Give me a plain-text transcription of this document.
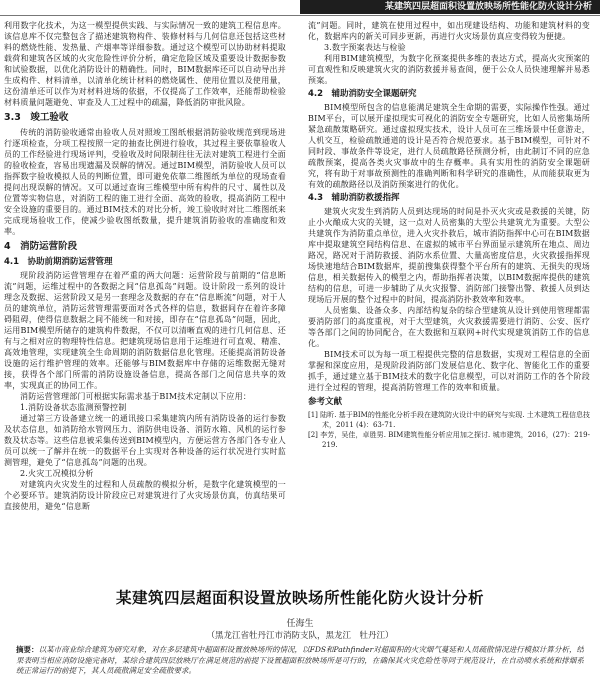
某建筑四层超面积设置放映场所性能化防火设计分析

利用数字化技术，为这一模型提供实践、与实际情况一致的建筑工程信息库。该信息库不仅完整包含了描述建筑物构件、装修材料与几何信息还包括这些材料的燃烧性能、发热量、产烟率等详细参数。通过这个模型可以协助材料提取载荷和建筑各区域的火灾危险性评价分析，确定危险区域及重要设计数据参数和试验数据，以优化消防设计的精确性。同时，BIM数据库还可以自动导出并生成构件、材料清单，以清单化统计材料的燃烧属性、使用位置以及使用量，这份清单还可以作为对材料进场的依据，不仅提高了工作效率，还能帮助检验材料质量问题避免、审查及人工过程中的疏漏，降低消防审批风险。

3.3　竣工验收

传统的消防验收通常由验收人员对照竣工图纸根据消防验收规范到现场进行逐项检查，分项工程按照一定的抽查比例进行验收，其过程主要依靠验收人员的工作经验进行现场评判，受验收及时间限制往往无法对建筑工程进行全面的验收检查，容易出现遗漏及误解的情况。通过BIM模型，消防验收人员可以指挥数字验收模拟人员的判断位置，即可避免依靠二维图纸为单位的现场查看提问出现误解的情况。又可以通过查询三维模型中所有构件的尺寸、属性以及位置等实物信息，对消防工程的施工进行全面、高效的验收，提高消防工程中安全设施的重要目的。通过BIM技术的对比分析，竣工验收时对比二维图纸来完成现场验收工作，使减少验收图纸数量，提升建筑消防验收的准确度和效率。

4　消防运营阶段
4.1　协助前期消防运营管理

现阶段消防运营管理存在着严重的两大问题：运营阶段与前期的“信息断流”问题，运维过程中的各数据之间“信息孤岛”问题。设计阶段一系列的设计理念及数据、运营阶段又是另一套理念及数据的存在“信息断流”问题，对于人员的建筑单位，消防运营管理需要面对各式各样的信息，数据间存在着许多障碍阻碍，使得信息数据之间不能统一和对接，即存在“信息孤岛”问题，因此，运用BIM模型所储存的建筑构件数据，不仅可以清晰直观的进行几何信息、还有与之相对应的物理特性信息。把建筑现场信息用于运维进行可直观、精准、高效地管理，实现建筑全生命周期的消防数据信息化管理。还能提高消防设备设施的运行维护管理的效率。还能够与BIM数据库中存储的运维数据无缝对接，获得各个部门所需的消防设施设备信息，提高各部门之间信息共享的效率，实现真正的协同工作。

消防运营管理部门可根据实际需求基于BIM技术定制以下应用：

1.消防设备状态监测预警控制

通过第三方设备建立统一的通讯接口采集建筑内所有消防设备的运行参数及状态信息，如消防给水管网压力、消防供电设备、消防水箱、风机的运行参数及状态等。这些信息被采集传送到BIM模型内，方便运营方各部门各专业人员可以统一了解并在统一的数据平台上实现对各种设备的运行状况进行实时监测管理，避免了“信息孤岛”问题的出现。

2.火灾工况模拟分析

对建筑内火灾发生的过程和人员疏散的模拟分析，是数字化建筑模型的一个必要环节。建筑消防设计阶段应已对建筑进行了火灾场景仿真，仿真结果可直接使用，避免“信息断

流”问题。同时，建筑在使用过程中，如出现建设结构、功能和建筑材料的变化，数据库内的新关可同步更新，再进行火灾场景仿真应变得较为便捷。

3.数字预案表达与检验

利用BIM建筑模型，为数字化预案提供多维的表达方式，提高火灾预案的可直观性和反映建筑火灾的消防救援并易查阅，便于公众人员快速理解并易悉预案。

4.2　辅助消防安全课题研究

BIM模型所包含的信息能满足建筑全生命期的需要，实际操作性强。通过BIM平台，可以展开虚拟现实可视化的消防安全专题研究，比如人员密集场所紧急疏散策略研究。通过虚拟现实技术，设计人员可在三维场景中任意游走，人机交互，检验疏散通道的设计是否符合规范要求。基于BIM模型，可针对不同时段、事故条件等设定，进行人员疏散路径预测分析，由此制订不同的应急疏散预案，提高各类火灾事故中的生存概率。具有实用性的消防安全课题研究，将有助于对事故预测性的准确判断和科学研究的准确性，从而能获取更为有效的疏散路径以及消防预案进行的优化。

4.3　辅助消防救援指挥

建筑火灾发生到消防人员到达现场的时间是扑灭火灾或是救援的关键，防止小火酿成大灾的关键，这一点对人员密集的大型公共建筑尤为重要。大型公共建筑作为消防重点单位，进入火灾扑救后，城市消防指挥中心可在BIM数据库中提取建筑空间结构信息、在虚拟的城市平台界面显示建筑所在地点、周边路况，路况对于消防救援、消防水系位置、大量高密度信息，火灾救援指挥现场快速地结合BIM数据库，提前搜集获得整个平台所有的建筑、无损失的现场信息，相关数据传入的模型之内，帮助指挥者决策，以BIM数据库提供的建筑结构的信息，可进一步辅助了从火灾报警、消防部门接警出警、救援人员到达现场后开展的整个过程中的时间，提高消防扑救效率和效率。

人员密集、设备众多、内部结构复杂的综合型建筑从设计到使用管理都需要消防部门的高度重视，对于大型建筑，火灾救援需要进行消防、公安、医疗等各部门之间的协同配合，在大数据和互联网+时代实现建筑消防工作的信息化。

BIM技术可以为每一项工程提供完整的信息数据，实现对工程信息的全面掌握和深度应用，是现阶段消防部门发展信息化、数字化、智能化工作的重要抓手，通过建立基于BIM技术的数字化信息模型，可以对消防工作的各个阶段进行全过程的管理，提高消防管理工作的效率和质量。

参考文献

[1] 陆昕. 基于BIM的性能化分析手段在建筑防火设计中的研究与实现. 土木建筑工程信息技术，2011 (4)：63-71.

[2] 李芳，吴佳，卓胜男. BIM建筑性能分析应用加之探讨. 城市建筑，2016，(27)：219-219.

某建筑四层超面积设置放映场所性能化防火设计分析
任海生
（黑龙江省牡丹江市消防支队，黑龙江　牡丹江）
摘要：以某市商业综合建筑为研究对象，对在多层建筑中超面积设置放映场所的情况，以FDS和Pathfinder对超面积的火灾烟气蔓延和人员疏散情况进行模拟计算分析，结果表明当相应消防设施完备时，某综合建筑四层放映厅在满足规范的前提下设置超面积放映场所是可行的，在确保其火灾危险性等同于规范设计，在自动喷水系统和排烟系统正常运行的前提下，其人员疏散满足安全疏散要求。
